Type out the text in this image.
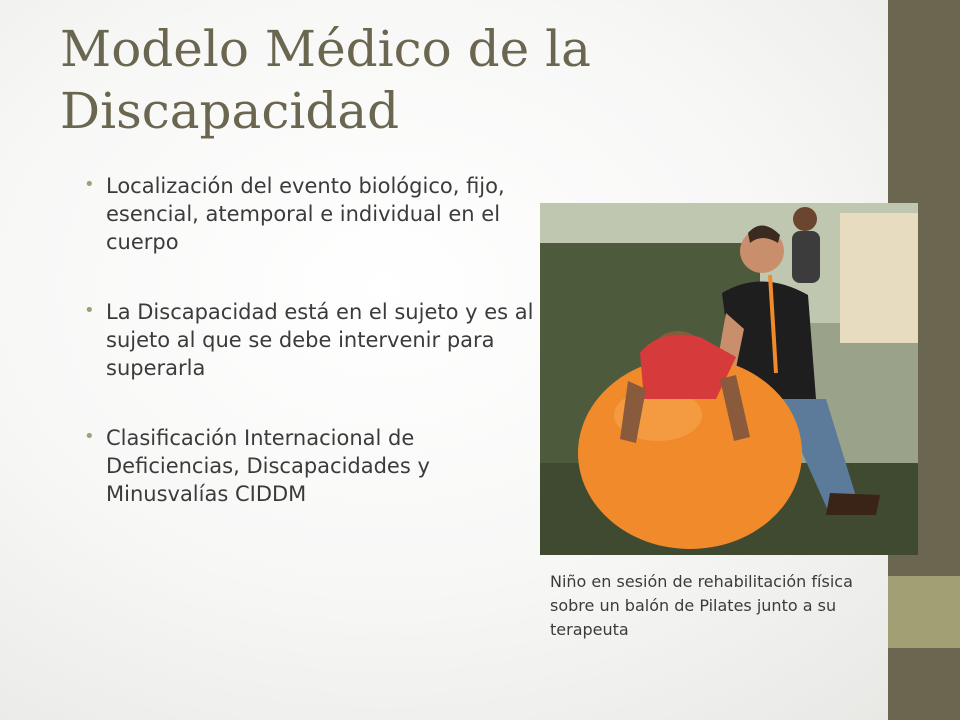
Modelo Médico de la Discapacidad
• Localización del evento biológico, fijo, esencial, atemporal e individual en el cuerpo
• La Discapacidad está en el sujeto y es al sujeto al que se debe intervenir para superarla
• Clasificación Internacional de Deficiencias, Discapacidades y Minusvalías CIDDM

Niño en sesión de rehabilitación física sobre un balón de Pilates junto a su terapeuta
